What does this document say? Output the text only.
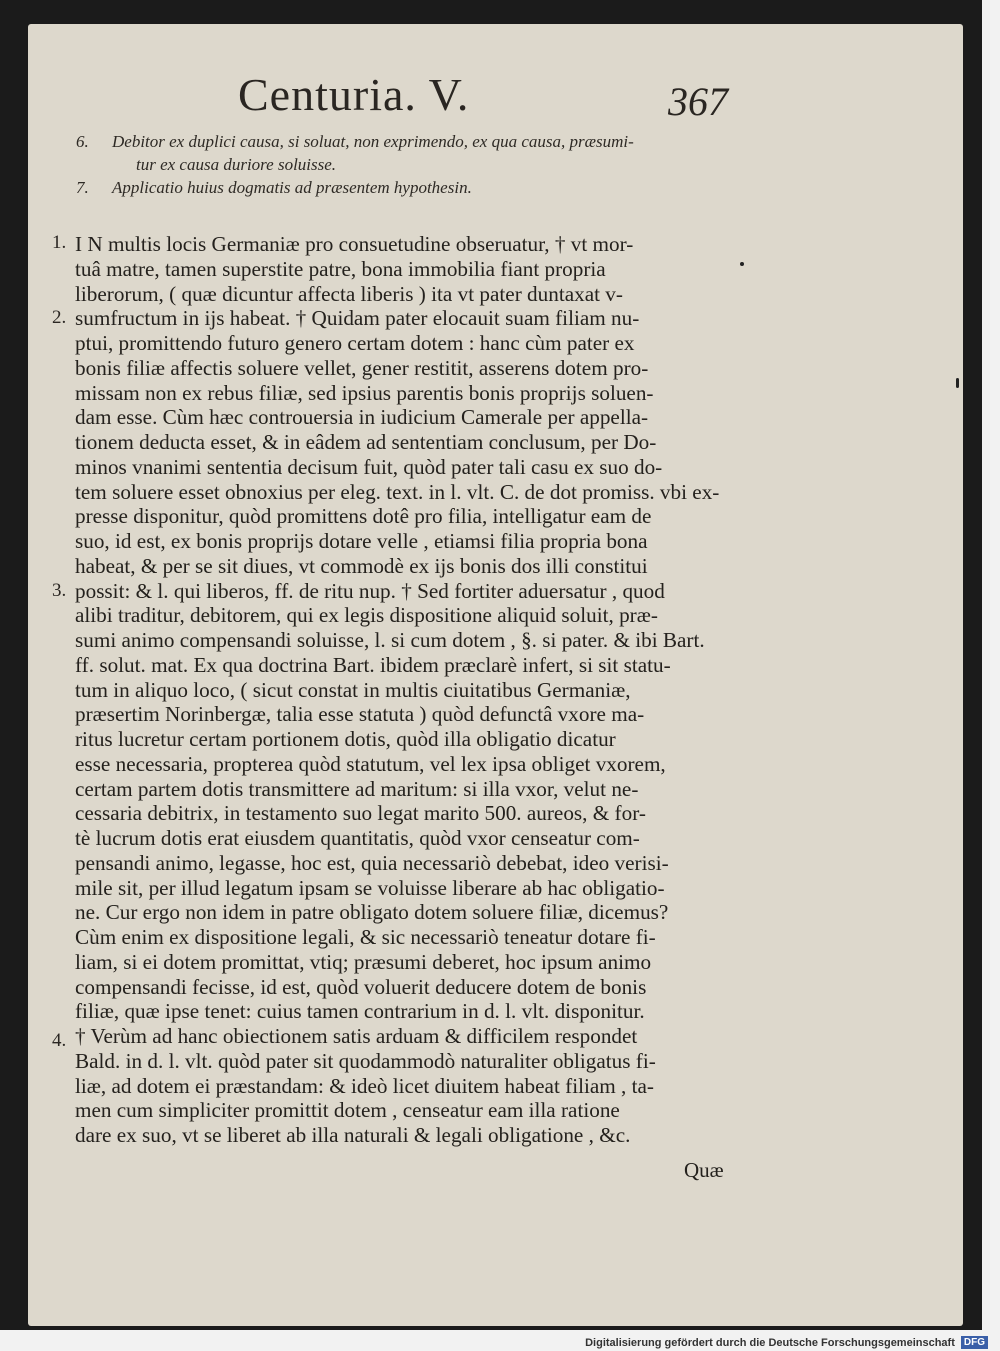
Centuria. V.	367
6. Debitor ex duplici causa, si soluat, non exprimendo, ex qua causa, præsumi-
tur ex causa duriore soluisse.
7. Applicatio huius dogmatis ad præsentem hypothesin.
1.
2.
3.
4.
I N multis locis Germaniæ pro consuetudine obseruatur, † vt mor-
tuâ matre, tamen superstite patre, bona immobilia fiant propria
liberorum, ( quæ dicuntur affecta liberis ) ita vt pater duntaxat v-
sumfructum in ijs habeat. † Quidam pater elocauit suam filiam nu-
ptui, promittendo futuro genero certam dotem : hanc cùm pater ex
bonis filiæ affectis soluere vellet, gener restitit, asserens dotem pro-
missam non ex rebus filiæ, sed ipsius parentis bonis proprijs soluen-
dam esse. Cùm hæc controuersia in iudicium Camerale per appella-
tionem deducta esset, & in eâdem ad sententiam conclusum, per Do-
minos vnanimi sententia decisum fuit, quòd pater tali casu ex suo do-
tem soluere esset obnoxius per eleg. text. in l. vlt. C. de dot promiss. vbi ex-
presse disponitur, quòd promittens dotê pro filia, intelligatur eam de
suo, id est, ex bonis proprijs dotare velle , etiamsi filia propria bona
habeat, & per se sit diues, vt commodè ex ijs bonis dos illi constitui
possit: & l. qui liberos, ff. de ritu nup. † Sed fortiter aduersatur , quod
alibi traditur, debitorem, qui ex legis dispositione aliquid soluit, præ-
sumi animo compensandi soluisse, l. si cum dotem , §. si pater. & ibi Bart.
ff. solut. mat. Ex qua doctrina Bart. ibidem præclarè infert, si sit statu-
tum in aliquo loco, ( sicut constat in multis ciuitatibus Germaniæ,
præsertim Norinbergæ, talia esse statuta ) quòd defunctâ vxore ma-
ritus lucretur certam portionem dotis, quòd illa obligatio dicatur
esse necessaria, propterea quòd statutum, vel lex ipsa obliget vxorem,
certam partem dotis transmittere ad maritum: si illa vxor, velut ne-
cessaria debitrix, in testamento suo legat marito 500. aureos, & for-
tè lucrum dotis erat eiusdem quantitatis, quòd vxor censeatur com-
pensandi animo, legasse, hoc est, quia necessariò debebat, ideo verisi-
mile sit, per illud legatum ipsam se voluisse liberare ab hac obligatio-
ne. Cur ergo non idem in patre obligato dotem soluere filiæ, dicemus?
Cùm enim ex dispositione legali, & sic necessariò teneatur dotare fi-
liam, si ei dotem promittat, vtiq; præsumi deberet, hoc ipsum animo
compensandi fecisse, id est, quòd voluerit deducere dotem de bonis
filiæ, quæ ipse tenet: cuius tamen contrarium in d. l. vlt. disponitur.
† Verùm ad hanc obiectionem satis arduam & difficilem respondet
Bald. in d. l. vlt. quòd pater sit quodammodò naturaliter obligatus fi-
liæ, ad dotem ei præstandam: & ideò licet diuitem habeat filiam , ta-
men cum simpliciter promittit dotem , censeatur eam illa ratione
dare ex suo, vt se liberet ab illa naturali & legali obligatione , &c.
Quæ
Digitalisierung gefördert durch die Deutsche Forschungsgemeinschaft DFG
